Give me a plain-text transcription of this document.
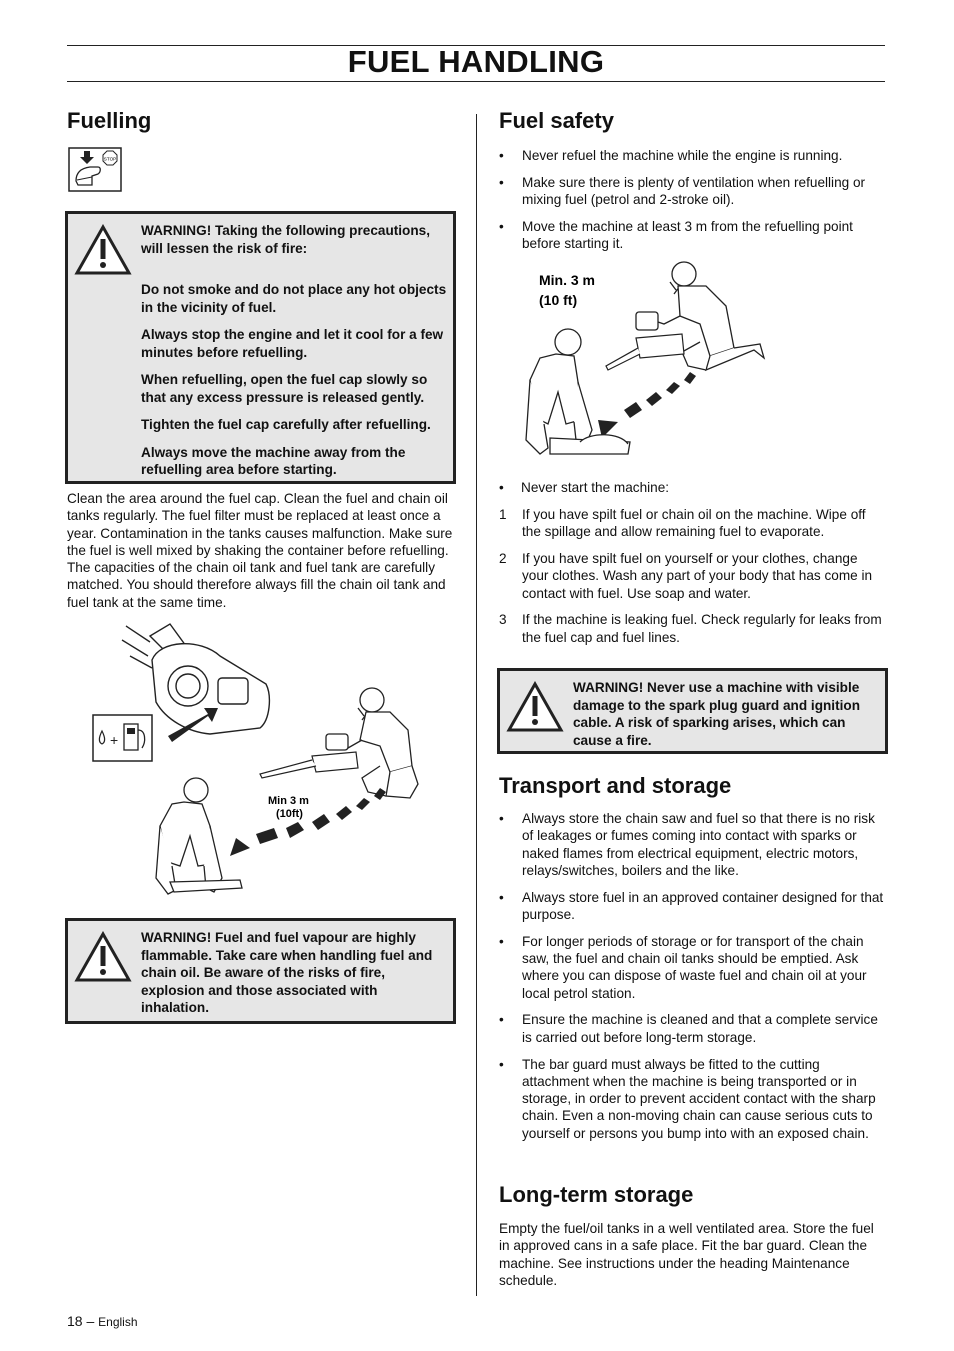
FUEL HANDLING
Fuelling
STOP

WARNING! Taking the following precautions, will lessen the risk of fire:

Do not smoke and do not place any hot objects in the vicinity of fuel.

Always stop the engine and let it cool for a few minutes before refuelling.

When refuelling, open the fuel cap slowly so that any excess pressure is released gently.

Tighten the fuel cap carefully after refuelling.

Always move the machine away from the refuelling area before starting.

Clean the area around the fuel cap. Clean the fuel and chain oil tanks regularly. The fuel filter must be replaced at least once a year. Contamination in the tanks causes malfunction. Make sure the fuel is well mixed by shaking the container before refuelling. The capacities of the chain oil tank and fuel tank are carefully matched. You should therefore always fill the chain oil tank and fuel tank at the same time.

+
Min 3 m
(10ft)

WARNING! Fuel and fuel vapour are highly flammable. Take care when handling fuel and chain oil. Be aware of the risks of fire, explosion and those associated with inhalation.

Fuel safety
•	Never refuel the machine while the engine is running.
•	Make sure there is plenty of ventilation when refuelling or mixing fuel (petrol and 2-stroke oil).
•	Move the machine at least 3 m from the refuelling point before starting it.
Min. 3 m
(10 ft)

• Never start the machine:

1	If you have spilt fuel or chain oil on the machine. Wipe off the spillage and allow remaining fuel to evaporate.
2	If you have spilt fuel on yourself or your clothes, change your clothes. Wash any part of your body that has come in contact with fuel. Use soap and water.
3	If the machine is leaking fuel. Check regularly for leaks from the fuel cap and fuel lines.

WARNING! Never use a machine with visible damage to the spark plug guard and ignition cable. A risk of sparking arises, which can cause a fire.

Transport and storage
•	Always store the chain saw and fuel so that there is no risk of leakages or fumes coming into contact with sparks or naked flames from electrical equipment, electric motors, relays/switches, boilers and the like.
•	Always store fuel in an approved container designed for that purpose.
•	For longer periods of storage or for transport of the chain saw, the fuel and chain oil tanks should be emptied. Ask where you can dispose of waste fuel and chain oil at your local petrol station.
•	Ensure the machine is cleaned and that a complete service is carried out before long-term storage.
•	The bar guard must always be fitted to the cutting attachment when the machine is being transported or in storage, in order to prevent accident contact with the sharp chain. Even a non-moving chain can cause serious cuts to yourself or persons you bump into with an exposed chain.
Long-term storage

Empty the fuel/oil tanks in a well ventilated area. Store the fuel in approved cans in a safe place. Fit the bar guard. Clean the machine. See instructions under the heading Maintenance schedule.

18 – English
